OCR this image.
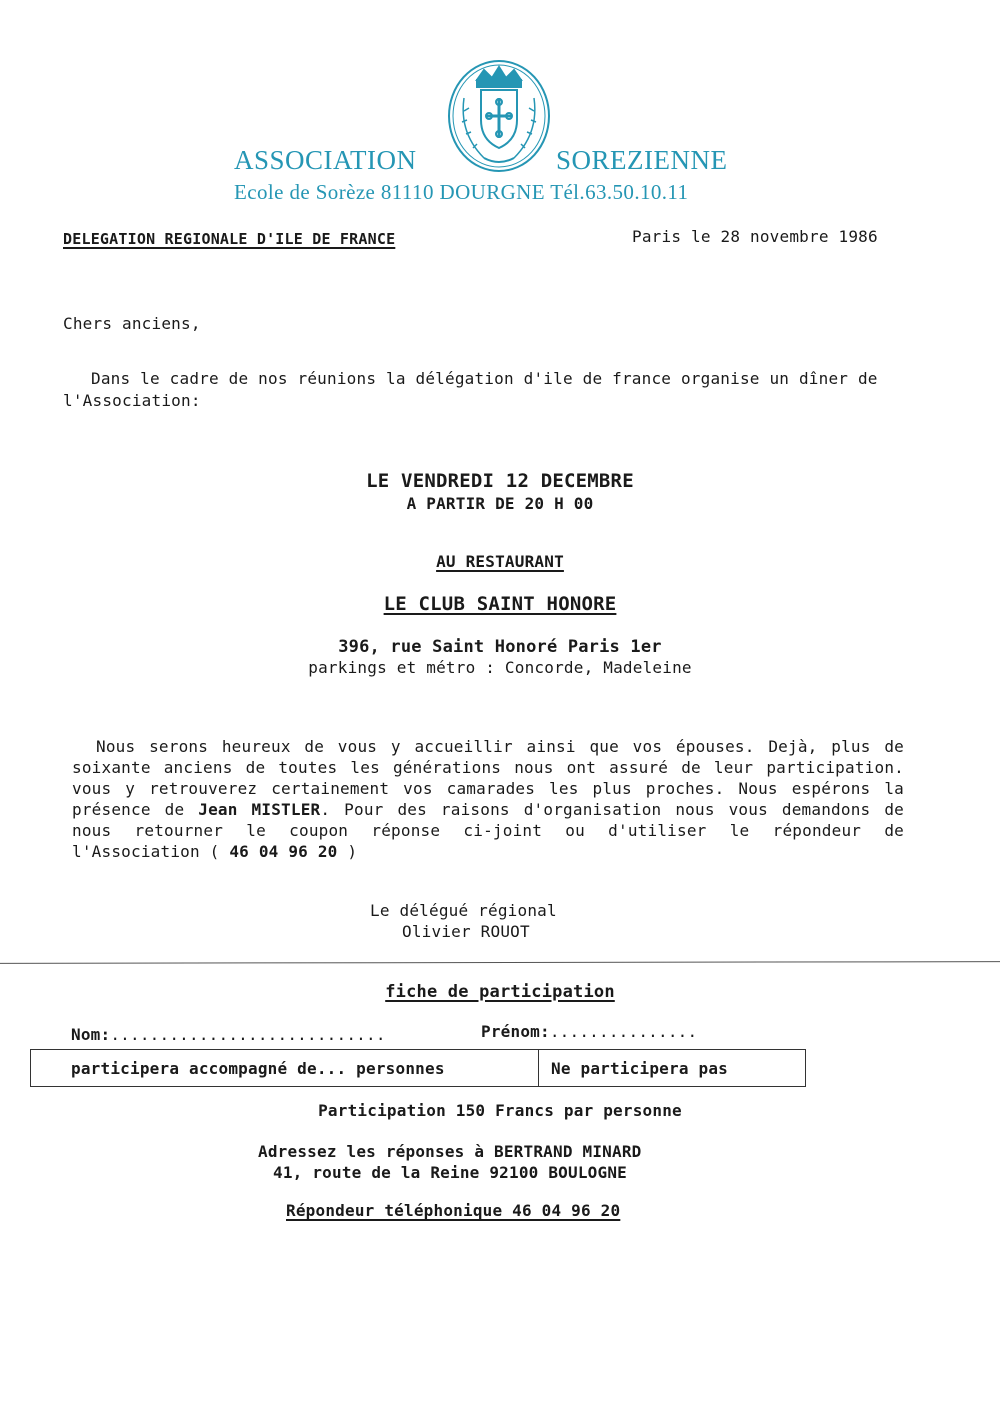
ASSOCIATION	SOREZIENNE
Ecole de Sorèze 81110 DOURGNE Tél.63.50.10.11
DELEGATION REGIONALE D'ILE DE FRANCE	Paris le 28 novembre 1986
Chers anciens,
Dans le cadre de nos réunions la délégation d'ile de france organise un dîner de l'Association:
LE VENDREDI 12 DECEMBRE
A PARTIR DE 20 H 00
AU RESTAURANT
LE CLUB SAINT HONORE
396, rue Saint Honoré Paris 1er
parkings et métro : Concorde, Madeleine

Nous serons heureux de vous y accueillir ainsi que vos épouses. Dejà, plus de soixante anciens de toutes les générations nous ont assuré de leur participation. vous y retrouverez certainement vos camarades les plus proches. Nous espérons la présence de Jean MISTLER. Pour des raisons d'organisation nous vous demandons de nous retourner le coupon réponse ci-joint ou d'utiliser le répondeur de l'Association ( 46 04 96 20 )

Le délégué régional
Olivier ROUOT
fiche de participation
Nom:............................	Prénom:...............
participera accompagné de... personnes	Ne participera pas
Participation 150 Francs par personne
Adressez les réponses à BERTRAND MINARD
41, route de la Reine 92100 BOULOGNE
Répondeur téléphonique 46 04 96 20
